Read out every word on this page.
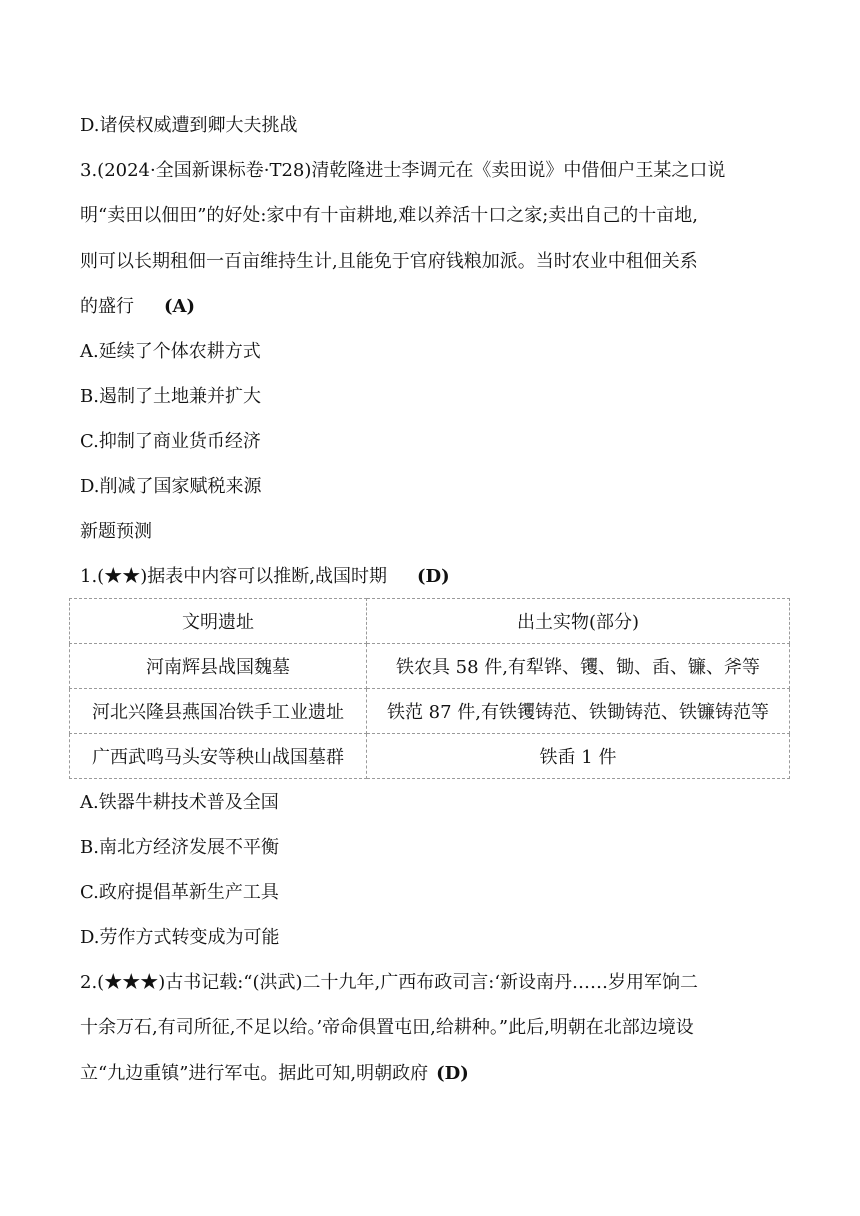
D.诸侯权威遭到卿大夫挑战
3.(2024·全国新课标卷·T28)清乾隆进士李调元在《卖田说》中借佃户王某之口说
明“卖田以佃田”的好处:家中有十亩耕地,难以养活十口之家;卖出自己的十亩地,
则可以长期租佃一百亩维持生计,且能免于官府钱粮加派。当时农业中租佃关系
的盛行 (A)
A.延续了个体农耕方式
B.遏制了土地兼并扩大
C.抑制了商业货币经济
D.削减了国家赋税来源
新题预测
1.(★★)据表中内容可以推断,战国时期 (D)
文明遗址	出土实物(部分)
河南辉县战国魏墓	铁农具 58 件,有犁铧、䦆、锄、臿、镰、斧等
河北兴隆县燕国冶铁手工业遗址	铁范 87 件,有铁䦆铸范、铁锄铸范、铁镰铸范等
广西武鸣马头安等秧山战国墓群	铁臿 1 件
A.铁器牛耕技术普及全国
B.南北方经济发展不平衡
C.政府提倡革新生产工具
D.劳作方式转变成为可能
2.(★★★)古书记载:“(洪武)二十九年,广西布政司言:‘新设南丹……岁用军饷二
十余万石,有司所征,不足以给。’帝命俱置屯田,给耕种。”此后,明朝在北部边境设
立“九边重镇”进行军屯。据此可知,明朝政府 (D)
